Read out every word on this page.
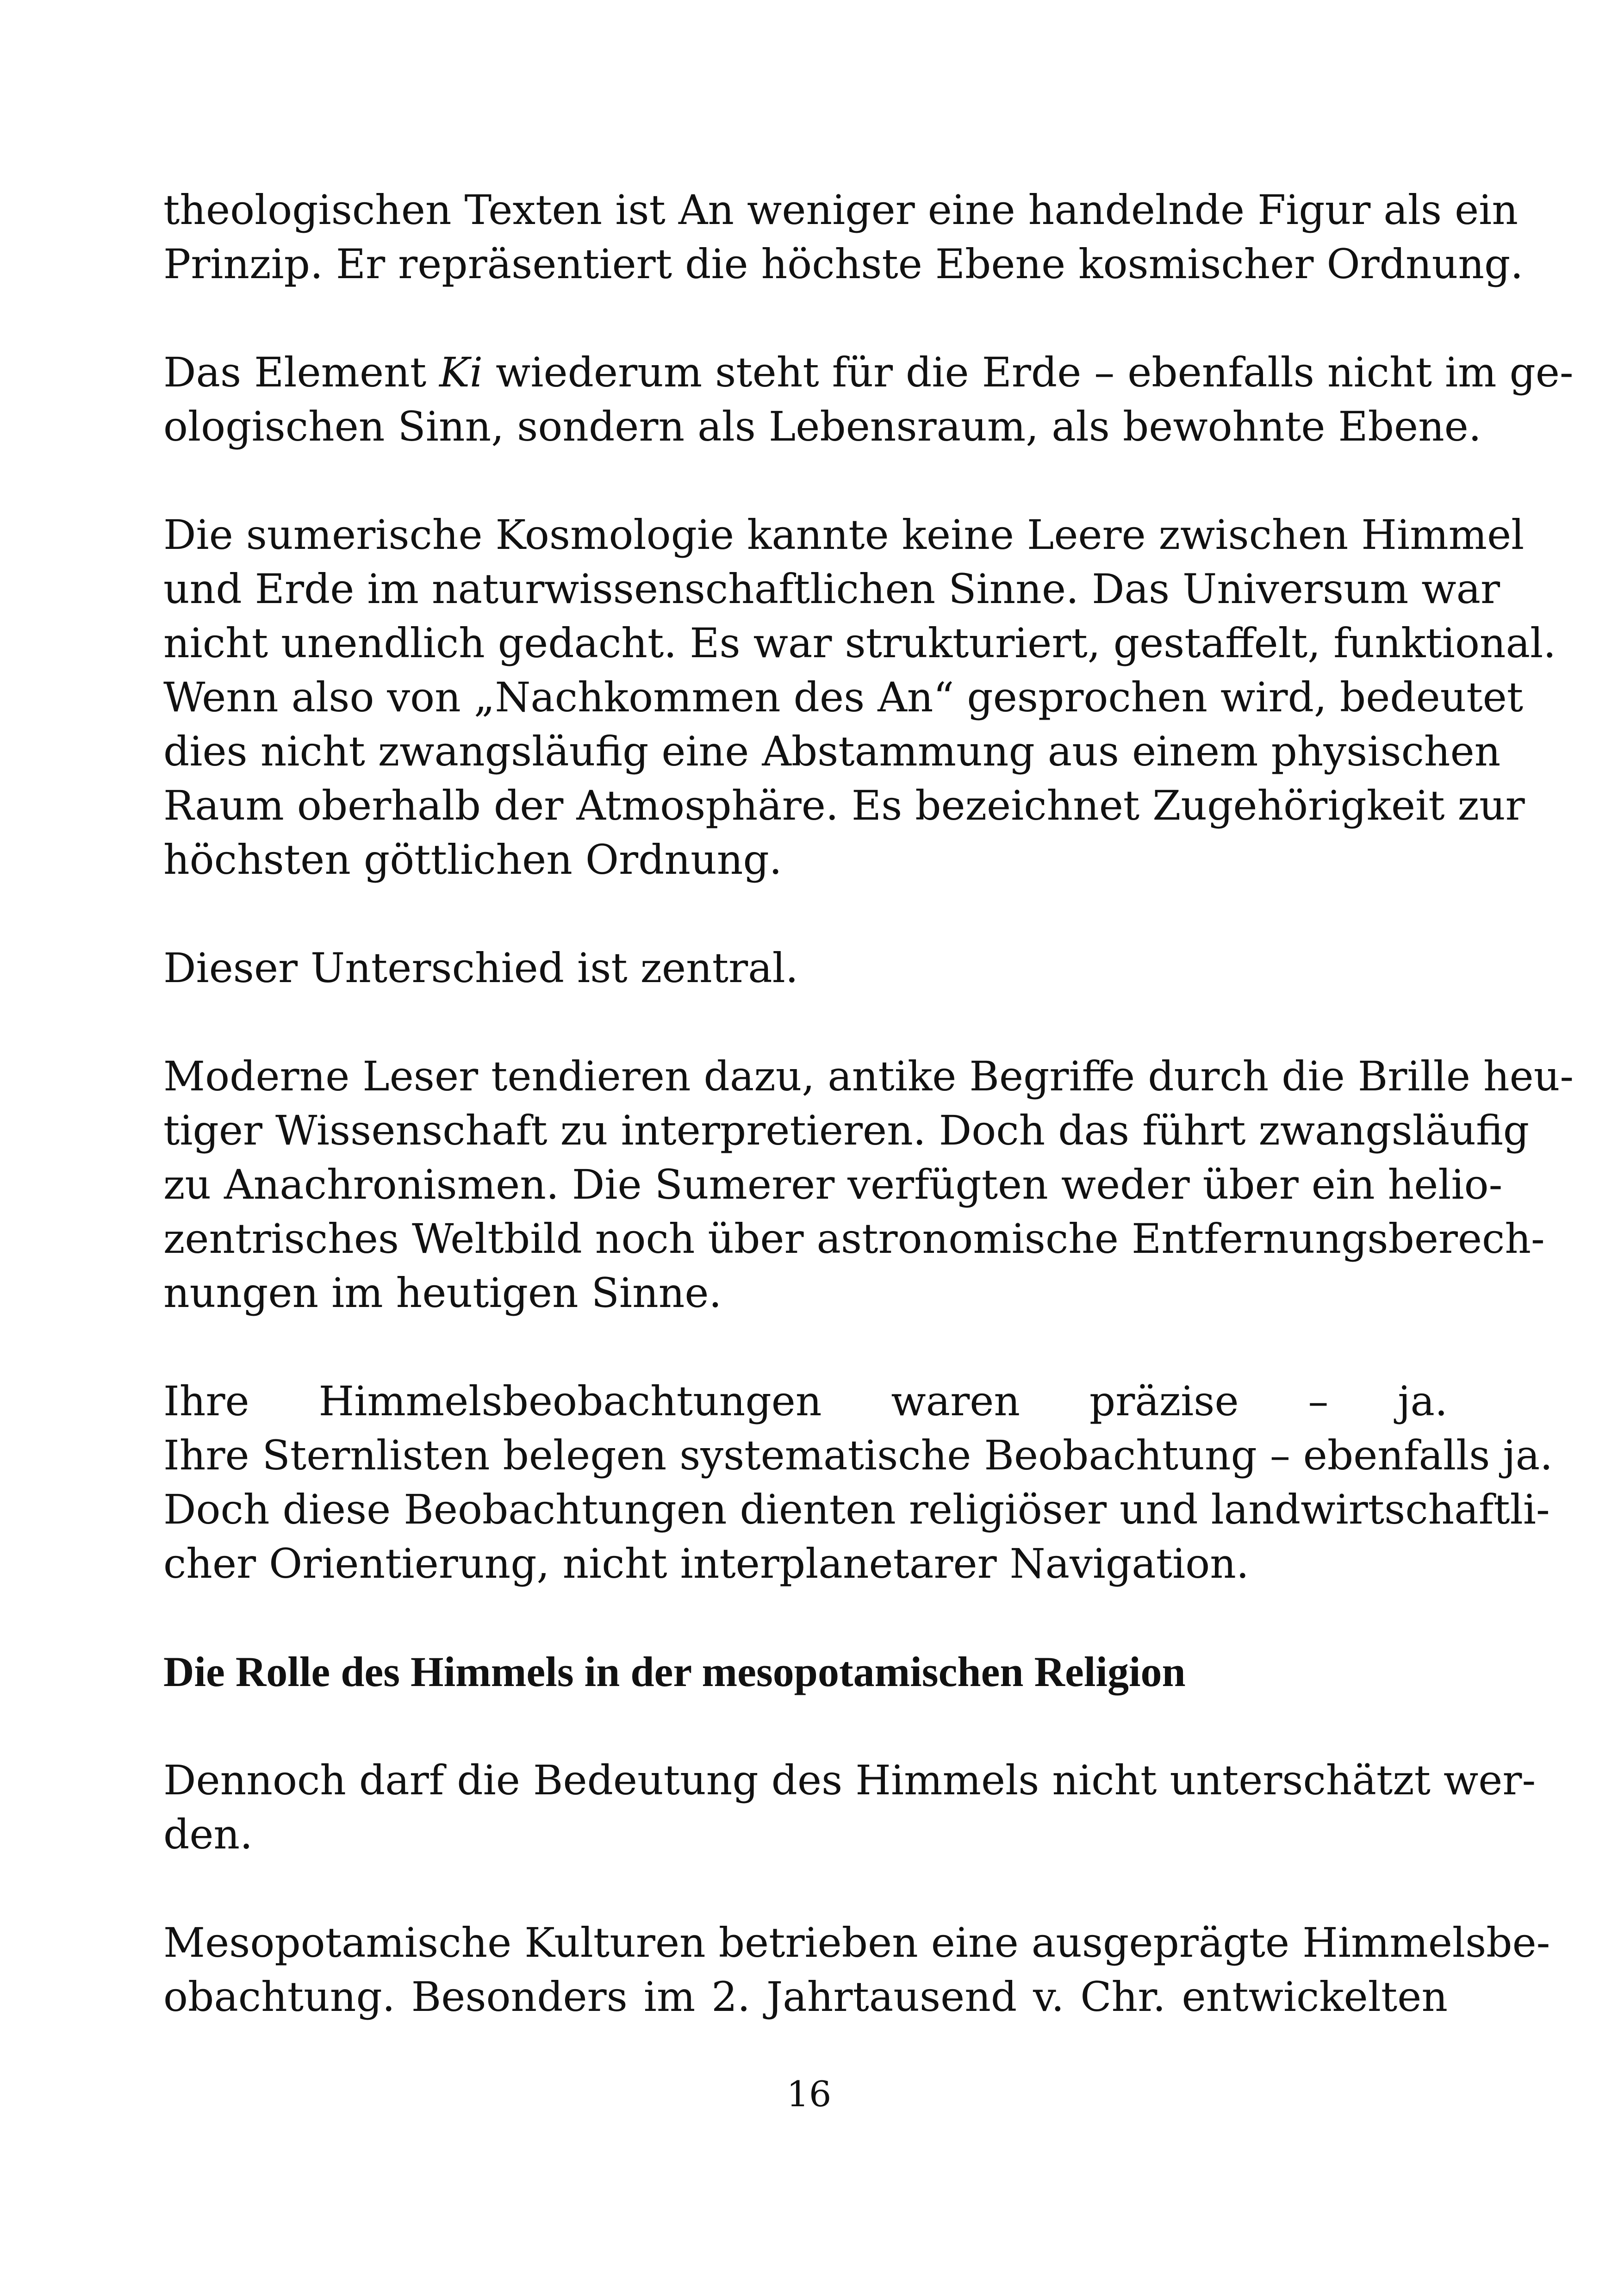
theologischen Texten ist An weniger eine handelnde Figur als ein
Prinzip. Er repräsentiert die höchste Ebene kosmischer Ordnung.

Das Element Ki wiederum steht für die Erde – ebenfalls nicht im ge-
ologischen Sinn, sondern als Lebensraum, als bewohnte Ebene.

Die sumerische Kosmologie kannte keine Leere zwischen Himmel
und Erde im naturwissenschaftlichen Sinne. Das Universum war
nicht unendlich gedacht. Es war strukturiert, gestaffelt, funktional.
Wenn also von „Nachkommen des An“ gesprochen wird, bedeutet
dies nicht zwangsläufig eine Abstammung aus einem physischen
Raum oberhalb der Atmosphäre. Es bezeichnet Zugehörigkeit zur
höchsten göttlichen Ordnung.

Dieser Unterschied ist zentral.

Moderne Leser tendieren dazu, antike Begriffe durch die Brille heu-
tiger Wissenschaft zu interpretieren. Doch das führt zwangsläufig
zu Anachronismen. Die Sumerer verfügten weder über ein helio-
zentrisches Weltbild noch über astronomische Entfernungsberech-
nungen im heutigen Sinne.

Ihre Himmelsbeobachtungen waren präzise – ja.
Ihre Sternlisten belegen systematische Beobachtung – ebenfalls ja.
Doch diese Beobachtungen dienten religiöser und landwirtschaftli-
cher Orientierung, nicht interplanetarer Navigation.

Die Rolle des Himmels in der mesopotamischen Religion

Dennoch darf die Bedeutung des Himmels nicht unterschätzt wer-
den.

Mesopotamische Kulturen betrieben eine ausgeprägte Himmelsbe-
obachtung. Besonders im 2. Jahrtausend v. Chr. entwickelten

16
